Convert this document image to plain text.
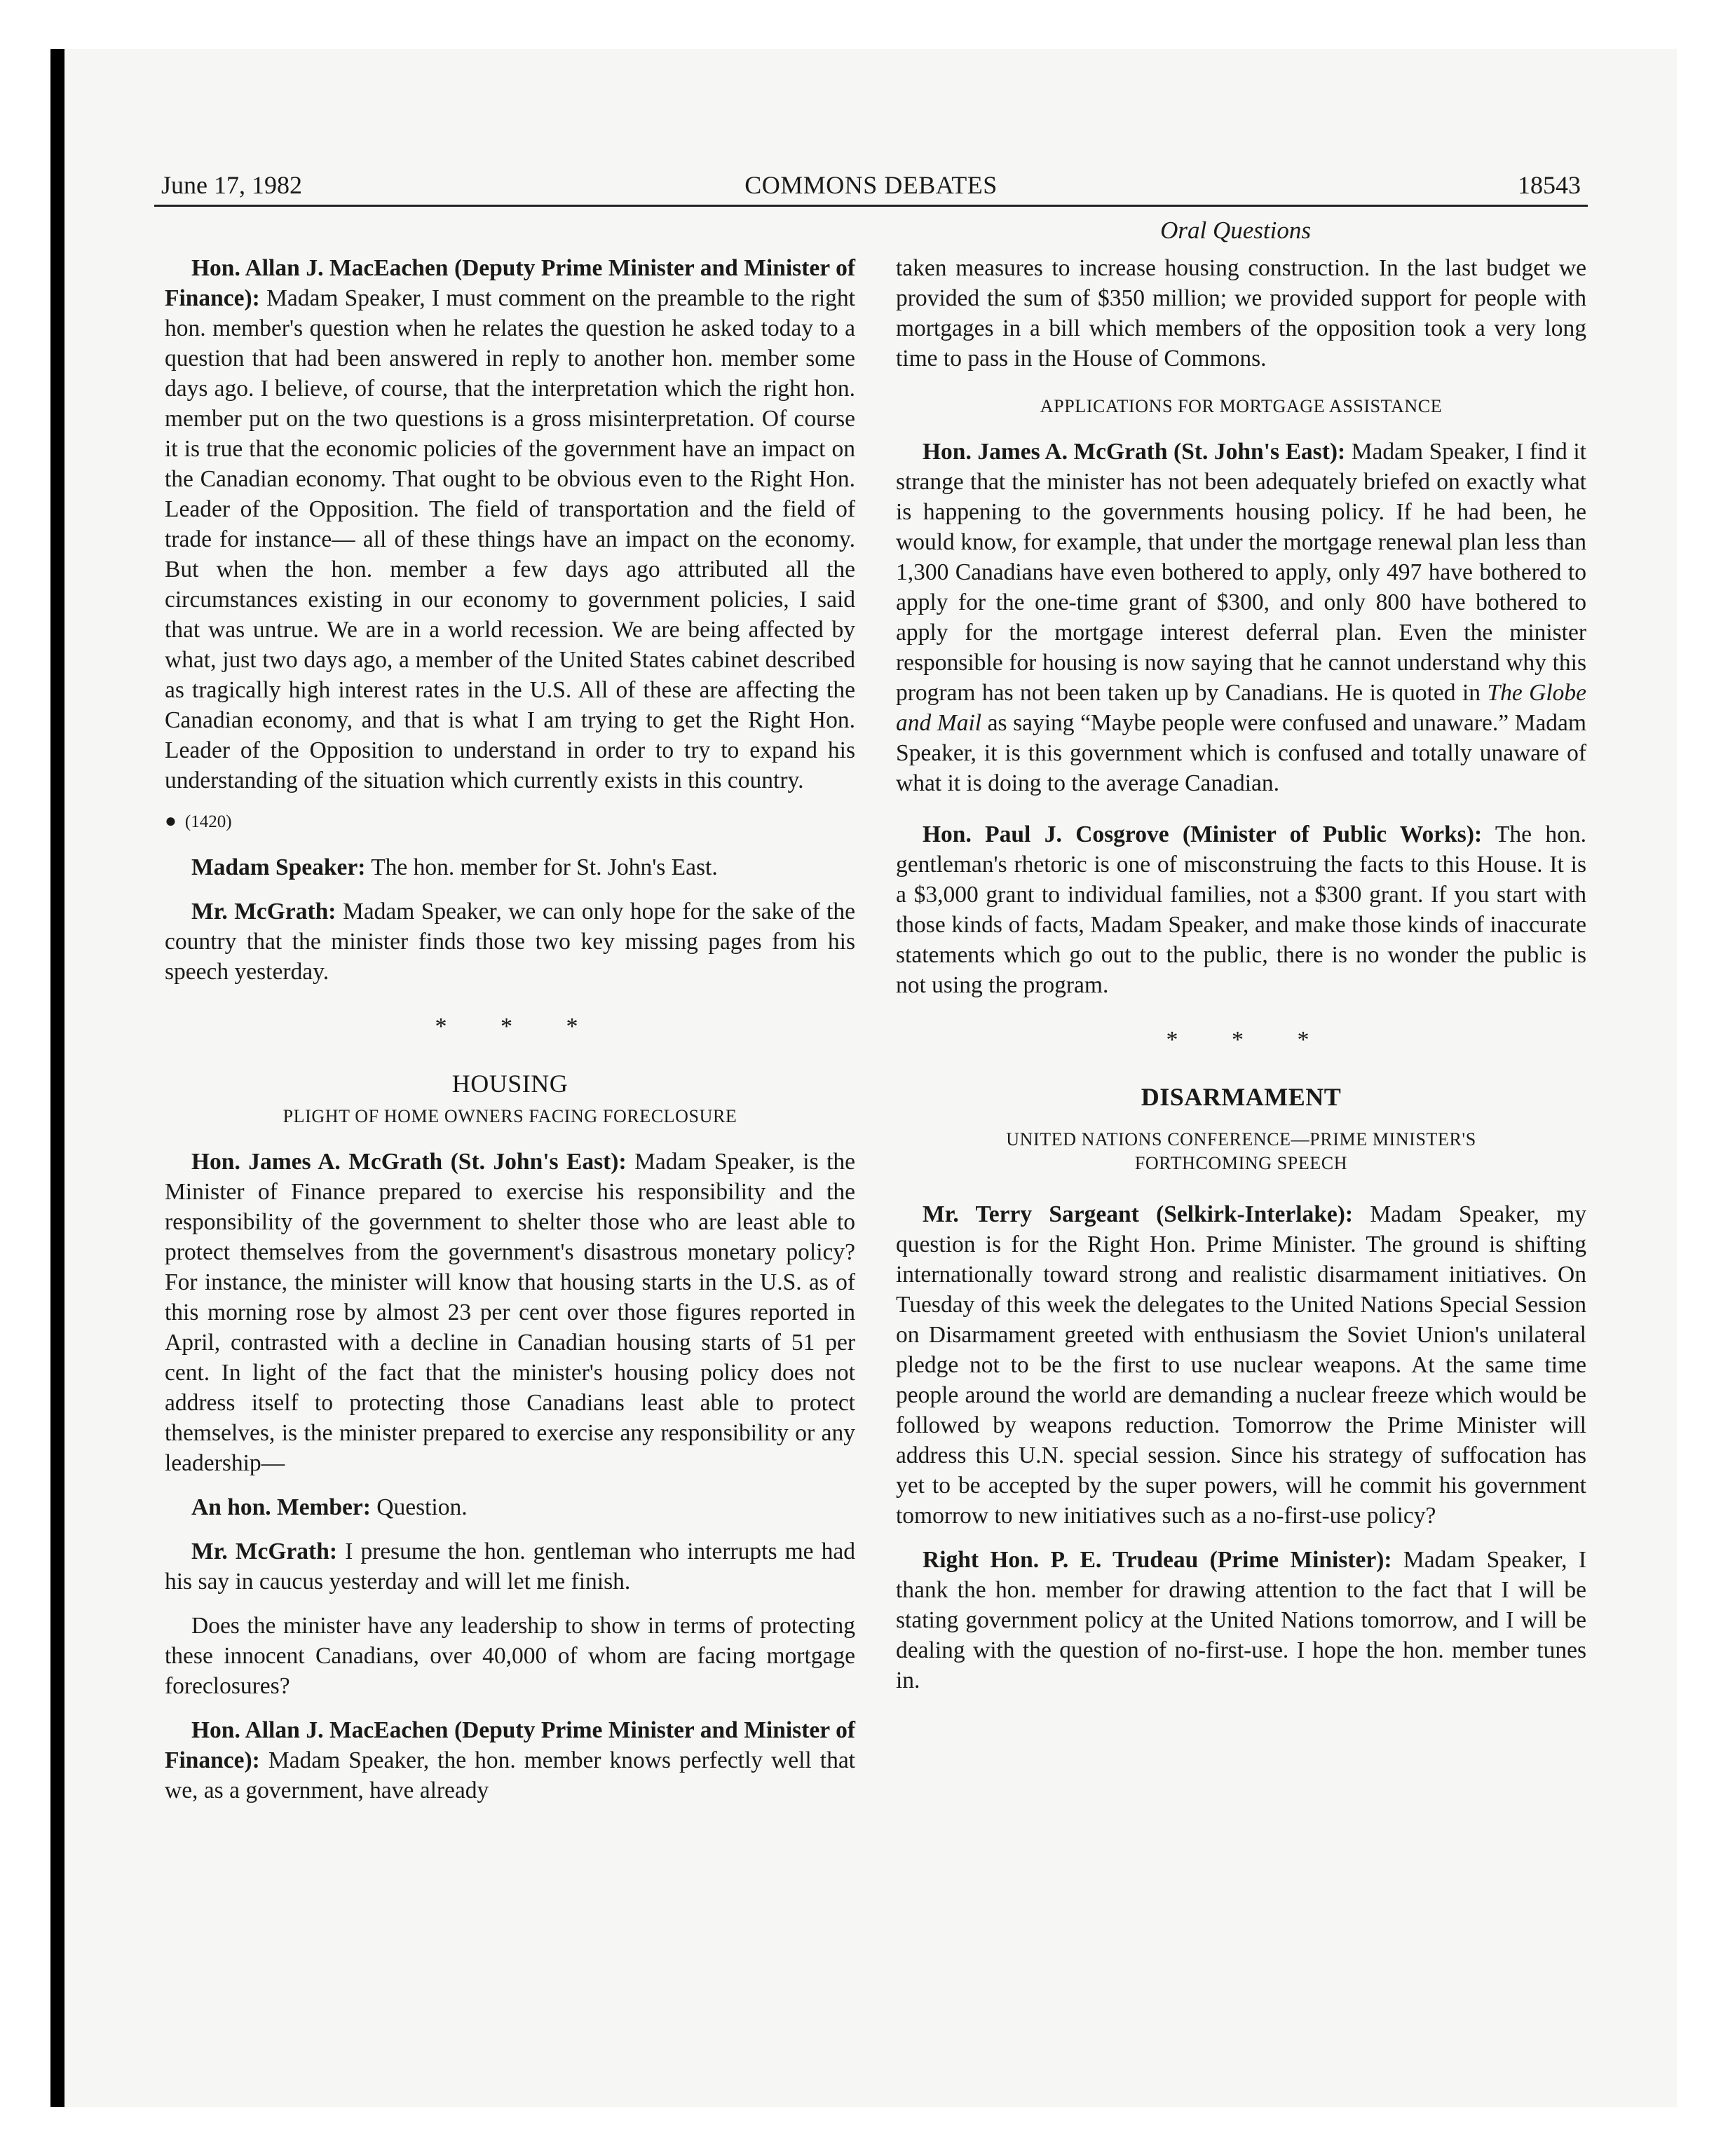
June 17, 1982	COMMONS DEBATES	18543
Oral Questions

Hon. Allan J. MacEachen (Deputy Prime Minister and Minister of Finance): Madam Speaker, I must comment on the preamble to the right hon. member's question when he relates the question he asked today to a question that had been answered in reply to another hon. member some days ago. I believe, of course, that the interpretation which the right hon. member put on the two questions is a gross misinterpretation. Of course it is true that the economic policies of the government have an impact on the Canadian economy. That ought to be obvious even to the Right Hon. Leader of the Opposition. The field of transportation and the field of trade for instance— all of these things have an impact on the economy. But when the hon. member a few days ago attributed all the circumstances existing in our economy to government policies, I said that was untrue. We are in a world recession. We are being affected by what, just two days ago, a member of the United States cabinet described as tragically high interest rates in the U.S. All of these are affecting the Canadian economy, and that is what I am trying to get the Right Hon. Leader of the Opposition to understand in order to try to expand his understanding of the situation which currently exists in this country.

● (1420)

Madam Speaker: The hon. member for St. John's East.

Mr. McGrath: Madam Speaker, we can only hope for the sake of the country that the minister finds those two key missing pages from his speech yesterday.

* * *
HOUSING
PLIGHT OF HOME OWNERS FACING FORECLOSURE

Hon. James A. McGrath (St. John's East): Madam Speaker, is the Minister of Finance prepared to exercise his responsibility and the responsibility of the government to shelter those who are least able to protect themselves from the government's disastrous monetary policy? For instance, the minister will know that housing starts in the U.S. as of this morning rose by almost 23 per cent over those figures reported in April, contrasted with a decline in Canadian housing starts of 51 per cent. In light of the fact that the minister's housing policy does not address itself to protecting those Canadians least able to protect themselves, is the minister prepared to exercise any responsibility or any leadership—

An hon. Member: Question.

Mr. McGrath: I presume the hon. gentleman who interrupts me had his say in caucus yesterday and will let me finish.

Does the minister have any leadership to show in terms of protecting these innocent Canadians, over 40,000 of whom are facing mortgage foreclosures?

Hon. Allan J. MacEachen (Deputy Prime Minister and Minister of Finance): Madam Speaker, the hon. member knows perfectly well that we, as a government, have already

taken measures to increase housing construction. In the last budget we provided the sum of $350 million; we provided support for people with mortgages in a bill which members of the opposition took a very long time to pass in the House of Commons.

APPLICATIONS FOR MORTGAGE ASSISTANCE

Hon. James A. McGrath (St. John's East): Madam Speaker, I find it strange that the minister has not been adequately briefed on exactly what is happening to the governments housing policy. If he had been, he would know, for example, that under the mortgage renewal plan less than 1,300 Canadians have even bothered to apply, only 497 have bothered to apply for the one-time grant of $300, and only 800 have bothered to apply for the mortgage interest deferral plan. Even the minister responsible for housing is now saying that he cannot understand why this program has not been taken up by Canadians. He is quoted in The Globe and Mail as saying “Maybe people were confused and unaware.” Madam Speaker, it is this government which is confused and totally unaware of what it is doing to the average Canadian.

Hon. Paul J. Cosgrove (Minister of Public Works): The hon. gentleman's rhetoric is one of misconstruing the facts to this House. It is a $3,000 grant to individual families, not a $300 grant. If you start with those kinds of facts, Madam Speaker, and make those kinds of inaccurate statements which go out to the public, there is no wonder the public is not using the program.

* * *
DISARMAMENT
UNITED NATIONS CONFERENCE—PRIME MINISTER'S
FORTHCOMING SPEECH

Mr. Terry Sargeant (Selkirk-Interlake): Madam Speaker, my question is for the Right Hon. Prime Minister. The ground is shifting internationally toward strong and realistic disarmament initiatives. On Tuesday of this week the delegates to the United Nations Special Session on Disarmament greeted with enthusiasm the Soviet Union's unilateral pledge not to be the first to use nuclear weapons. At the same time people around the world are demanding a nuclear freeze which would be followed by weapons reduction. Tomorrow the Prime Minister will address this U.N. special session. Since his strategy of suffocation has yet to be accepted by the super powers, will he commit his government tomorrow to new initiatives such as a no-first-use policy?

Right Hon. P. E. Trudeau (Prime Minister): Madam Speaker, I thank the hon. member for drawing attention to the fact that I will be stating government policy at the United Nations tomorrow, and I will be dealing with the question of no-first-use. I hope the hon. member tunes in.
